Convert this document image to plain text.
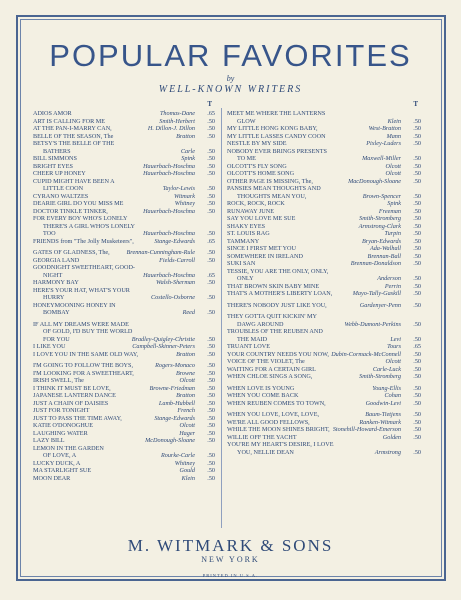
POPULAR FAVORITES
by
WELL-KNOWN WRITERS
T
ADIOS AMOR	Thomas-Dane	.65
ART IS CALLING FOR ME	Smith-Herbert	.50
AT THE PAN-I-MARRY CAN,	H. Dillon-J. Dillon	.50
BELLE OF THE SEASON, The	Bratton	.50
BETSY'S THE BELLE OF THE
BATHERS	Carle	.50
BILL SIMMONS	Spink	.50
BRIGHT EYES	Hauerbach-Hoschna	.50
CHEER UP HONEY	Hauerbach-Hoschna	.50
CUPID MIGHT HAVE BEEN A
LITTLE COON	Taylor-Lewis	.50
CYRANO WALTZES	Witmark	.50
DEARIE GIRL DO YOU MISS ME	Whitney	.50
DOCTOR TINKLE TINKER,	Hauerbach-Hoschna	.50
FOR EVERY BOY WHO'S LONELY
THERE'S A GIRL WHO'S LONELY
TOO	Hauerbach-Hoschna	.50
FRIENDS from "The Jolly Musketeers",	Stange-Edwards	.65
GATES OF GLADNESS, The,	Brennan-Cunningham-Rule	.50
GEORGIA LAND	Fields-Carroll	.50
GOODNIGHT SWEETHEART, GOOD-
NIGHT	Hauerbach-Hoschna	.65
HARMONY BAY	Walsh-Sherman	.50
HERE'S YOUR HAT, WHAT'S YOUR
HURRY	Costello-Osborne	.50
HONEYMOONING HONEY IN
BOMBAY	Reed	.50
IF ALL MY DREAMS WERE MADE
OF GOLD, I'D BUY THE WORLD
FOR YOU	Bradley-Quigley-Christie	.50
I LIKE YOU	Campbell-Skinner-Peters	.50
I LOVE YOU IN THE SAME OLD WAY,	Bratton	.50
I'M GOING TO FOLLOW THE BOYS,	Rogers-Monaco	.50
I'M LOOKING FOR A SWEETHEART,	Browne	.50
IRISH SWELL, The	Olcott	.50
I THINK IT MUST BE LOVE,	Browne-Friedman	.50
JAPANESE LANTERN DANCE	Bratton	.50
JUST A CHAIN OF DAISIES	Lamb-Hubbell	.50
JUST FOR TONIGHT	French	.50
JUST TO PASS THE TIME AWAY,	Stange-Edwards	.50
KATIE O'DONOGHUE	Olcott	.50
LAUGHING WATER	Hager	.50
LAZY BILL	McDonough-Sloane	.50
LEMON IN THE GARDEN
OF LOVE, A	Rourke-Carle	.50
LUCKY DUCK, A	Whitney	.50
MA STARLIGHT SUE	Gould	.50
MOON DEAR	Klein	.50
T
MEET ME WHERE THE LANTERNS
GLOW	Klein	.50
MY LITTLE HONG KONG BABY,	West-Bratton	.50
MY LITTLE LASSES CANDY COON	Mann	.50
NESTLE BY MY SIDE	Pixley-Luders	.50
NOBODY EVER BRINGS PRESENTS
TO ME	Maxwell-Miller	.50
OLCOTT'S FLY SONG	Olcott	.50
OLCOTT'S HOME SONG	Olcott	.50
OTHER PAGE IS MISSING, The,	MacDonough-Sloane	.50
PANSIES MEAN THOUGHTS AND
THOUGHTS MEAN YOU,	Brown-Spencer	.50
ROCK, ROCK, ROCK	Spink	.50
RUNAWAY JUNE	Freeman	.50
SAY YOU LOVE ME SUE	Smith-Stromberg	.50
SHAKY EYES	Armstrong-Clark	.50
ST. LOUIS RAG	Turpin	.50
TAMMANY	Bryan-Edwards	.50
SINCE I FIRST MET YOU	Ada-Walhall	.50
SOMEWHERE IN IRELAND	Brennan-Ball	.50
SUKI SAN	Brennan-Donaldson	.50
TESSIE, YOU ARE THE ONLY, ONLY,
ONLY	Anderson	.50
THAT BROWN SKIN BABY MINE	Perrin	.50
THAT'S A MOTHER'S LIBERTY LOAN,	Mayo-Tally-Gaskill	.50
THERE'S NOBODY JUST LIKE YOU,	Gardenyer-Penn	.50
THEY GOTTA QUIT KICKIN' MY
DAWG AROUND	Webb-Dumont-Perkins	.50
TROUBLES OF THE REUBEN AND
THE MAID	Levi	.50
TRUANT LOVE	Tours	.65
YOUR COUNTRY NEEDS YOU NOW, Dubin-Cormack-McConnell	.50
VOICE OF THE VIOLET, The	Olcott	.50
WAITING FOR A CERTAIN GIRL	Carle-Luck	.50
WHEN CHLOE SINGS A SONG,	Smith-Stromberg	.50
WHEN LOVE IS YOUNG	Young-Ellis	.50
WHEN YOU COME BACK	Cohan	.50
WHEN REUBEN COMES TO TOWN,	Goodwin-Levi	.50
WHEN YOU LOVE, LOVE, LOVE,	Baum-Tietjens	.50
WE'RE ALL GOOD FELLOWS,	Ranken-Witmark	.50
WHILE THE MOON SHINES BRIGHT, Stonehill-Howard-Emerson	.50
WILLIE OFF THE YACHT	Golden	.50
YOU'RE MY HEART'S DESIRE, I LOVE
YOU, NELLIE DEAN	Armstrong	.50
M. WITMARK & SONS
NEW YORK
PRINTED IN U.S.A.
